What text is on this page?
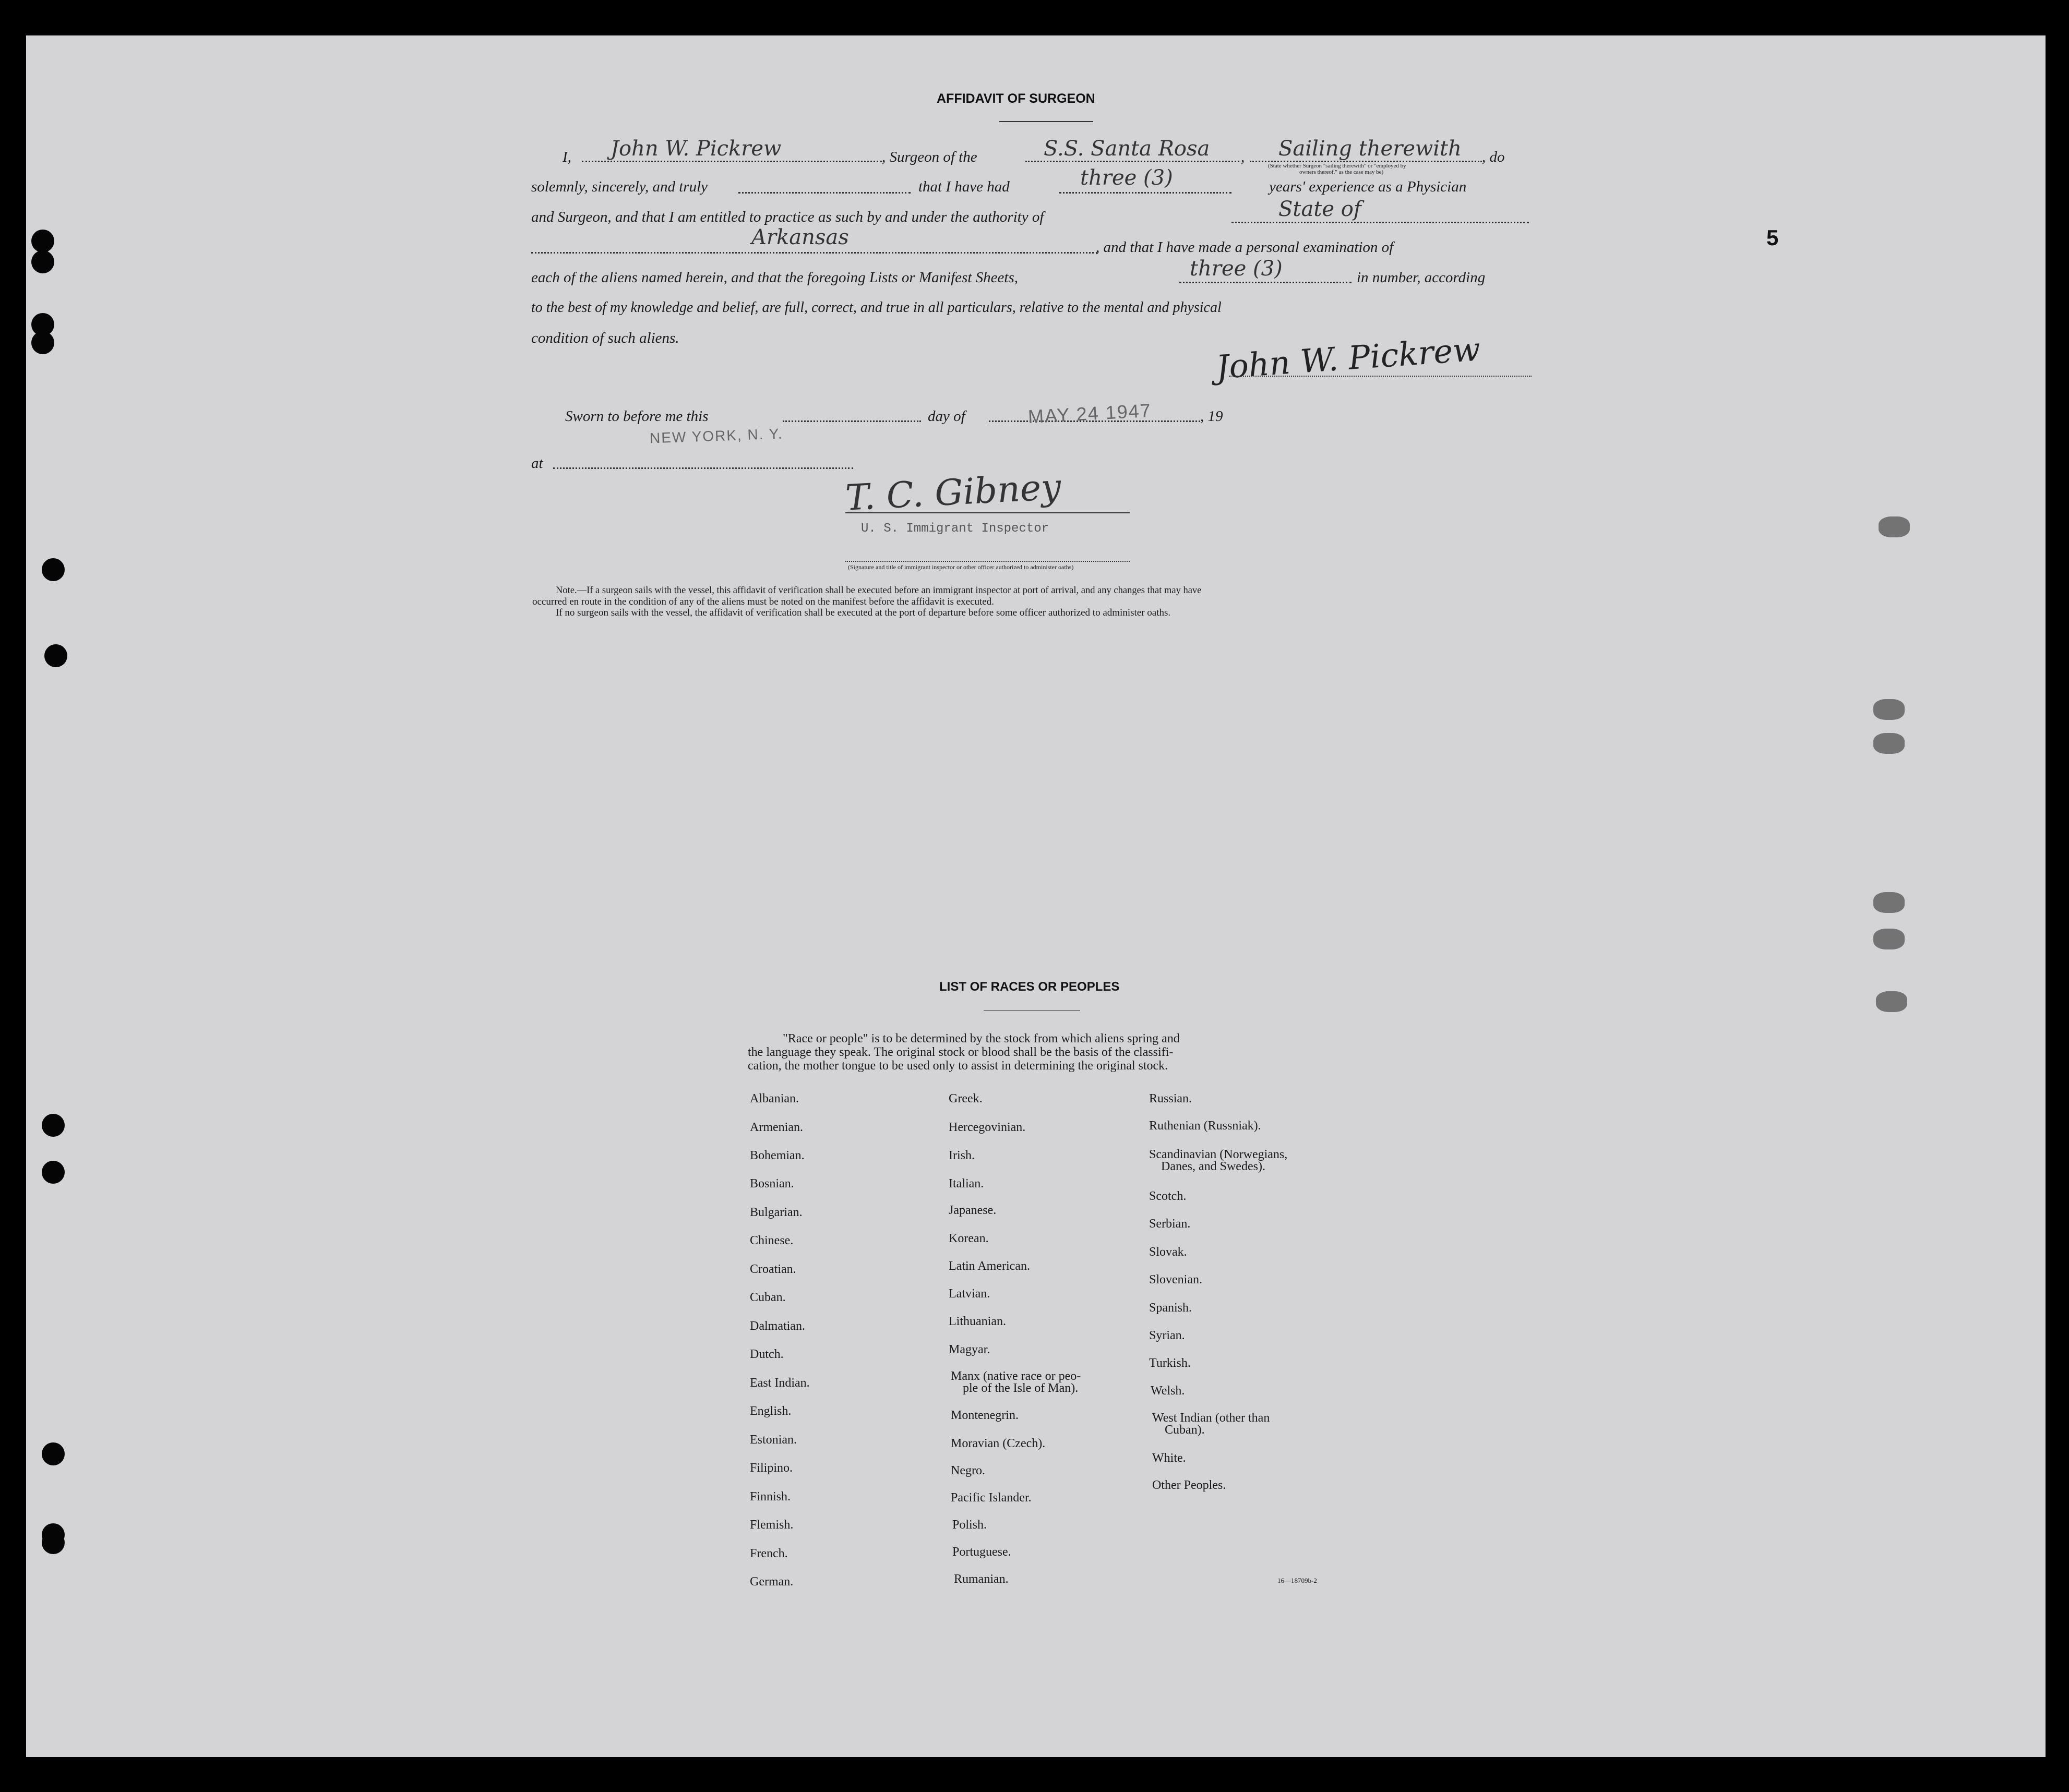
5
AFFIDAVIT OF SURGEON
I, John W. Pickrew	, Surgeon of the	S.S. Santa Rosa , Sailing therewith , do
(State whether Surgeon "sailing therewith" or "employed by
owners thereof," as the case may be)
solemnly, sincerely, and truly	that I have had	three (3)	years' experience as a Physician
and Surgeon, and that I am entitled to practice as such by and under the authority of	State of
Arkansas	, and that I have made a personal examination of
each of the aliens named herein, and that the foregoing Lists or Manifest Sheets,	three (3)	in number, according
to the best of my knowledge and belief, are full, correct, and true in all particulars, relative to the mental and physical
condition of such aliens.	John W. Pickrew
Sworn to before me this	day of	MAY 24 1947	, 19
NEW YORK, N. Y.
at
T. C. Gibney
U. S. Immigrant Inspector
(Signature and title of immigrant inspector or other officer authorized to administer oaths)
Note.—If a surgeon sails with the vessel, this affidavit of verification shall be executed before an immigrant inspector at port of arrival, and any changes that may have
occurred en route in the condition of any of the aliens must be noted on the manifest before the affidavit is executed.
If no surgeon sails with the vessel, the affidavit of verification shall be executed at the port of departure before some officer authorized to administer oaths.
LIST OF RACES OR PEOPLES
"Race or people" is to be determined by the stock from which aliens spring and
the language they speak. The original stock or blood shall be the basis of the classifi-
cation, the mother tongue to be used only to assist in determining the original stock.
Albanian.
Armenian.
Bohemian.
Bosnian.
Bulgarian.
Chinese.
Croatian.
Cuban.
Dalmatian.
Dutch.
East Indian.
English.
Estonian.
Filipino.
Finnish.
Flemish.
French.
German.
Greek.
Hercegovinian.
Irish.
Italian.
Japanese.
Korean.
Latin American.
Latvian.
Lithuanian.
Magyar.
Manx (native race or peo-
ple of the Isle of Man).
Montenegrin.
Moravian (Czech).
Negro.
Pacific Islander.
Polish.
Portuguese.
Rumanian.
Russian.
Ruthenian (Russniak).
Scandinavian (Norwegians,
Danes, and Swedes).
Scotch.
Serbian.
Slovak.
Slovenian.
Spanish.
Syrian.
Turkish.
Welsh.
West Indian (other than
Cuban).
White.
Other Peoples.
16—18709b-2
